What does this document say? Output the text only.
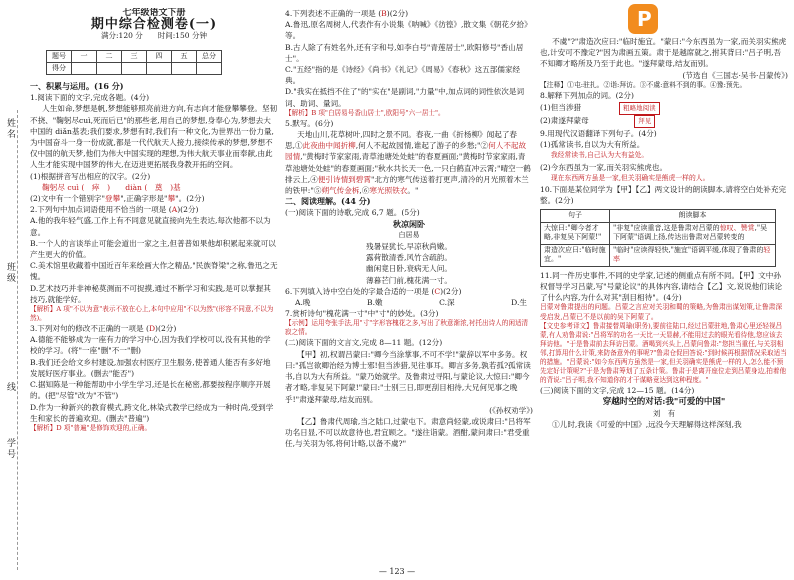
P
姓名
班级
线
学号
七年级语文下册
期中综合检测卷(一)
满分:120 分　　时间:150 分钟
题号	一	二	三	四	五	总分
得分						
一、积累与运用。(16 分)

1.阅读下面的文字,完成各题。(4分)

人生如命,梦想是帆,梦想能够照亮前进方向,有志向才能登攀攀登。坚韧不挠、"鞠躬尽cuì,死而后已"的那些老,用自己的梦想,身奉心为,梦想去大中国的 diǎn基表;我们要求,梦想有时,我们有一种文化,为世界出一份力量,为中国奋斗一身一份成就,都是一代代航天人接力,接续传承的梦想,梦想不仅中国的航天梦,他们为伟大中国实现的理想,为伟大航天事业而奉献,由此人生才能实现中国梦的伟大,在迈进更拓展我身教开拓的空间。

(1)根据拼音写出相应的汉字。(2分)

鞠躬尽 cuì (　瘁　)　　diàn (　奠　)基

(2)文中有一个错别字"登攀",正确字形是"攀"。(2分)

2.下列句中加点词语使用不恰当的一项是 (A)(2分)

A.他的我年轻气盛,工作上有不同意见就直接向先生表达,每次他都不以为意。

B.一个人的言谈举止可能会道出一家之主,但普普如果他却积累起来就可以产生更大的价值。

C.美术馆里收藏着中国近百年来绘画大作之精品,"民族脊梁"之称,鲁迅之无愧。

D.艺术技巧并非神秘莫测而不可捉摸,通过不断学习和实践,是可以掌握其技巧,就能学好。

【解析】A 项"不以为意"表示不放在心上,本句中应用"不以为然"(形容不同意,不以为然)。

3.下列对句的修改不正确的一项是 (D)(2分)

A.德能不能够成为一座有力的学习中心,因为我们学校可以,没有其他的学校的学习。(将"一座"删"不一"删)

B.我们还会给文乡村建设,加强农村医疗卫生服务,使普通人能否有多好地发展好医疗事业。(删去"能否")

C.据知陈是一种能帮助中小学生学习,还是长在秘密,都要按程序顺序开展的。(把"尽管"改为"不管")

D.作为一种新兴的教育模式,跨文化,林染式教学已经成为一种时尚,受到学生和家长的普遍欢迎。(删去"普遍")

【解析】D 项"普遍"是修饰欢迎的,正确。

4.下列表述不正确的一项是 (B)(2分)

A.鲁迅,原名周树人,代表作有小说集《呐喊》《彷徨》,散文集《朝花夕拾》等。

B.古人除了有姓名外,还有字和号,如李白号"青莲居士",欧阳修号"香山居士"。

C."五经"指的是《诗经》《尚书》《礼记》《周易》《春秋》这五部儒家经典。

D."我实在抵挡不住了"的"实在"是副词,"力量"中,加点词的词性依次是词词、助词、量词。

【解析】B 项"白居易号香山居士",欧阳号"六一居士"。

5.默写。(6分)

天地山川,花草树叶,四时之景不同。春夜,一曲《折杨柳》闻起了春思,①此夜曲中闻折柳,何人不起故园情,谁起了游子的乡愁;"②何人不起故园情,"黄梅时节家家雨,青草池塘处处蛙"的春夏画面;"黄梅时节家家雨,青草池塘处处蛙"的春夏画面;"秋水共长天一色,一只白鹤直冲云霄;"晴空一鹤排云上,④便引诗情到碧霄"北方的寒气传送着打更声,清冷的月光照着木兰的铁甲:"⑤朔气传金柝,⑥寒光照铁衣。"

二、阅读理解。(44 分)

(一)阅读下面的诗歌,完成 6,7 题。(5分)

秋凉闲卧
白居易
残暑昼犹长,早凉秋尚嫩。
露荷散清香,风竹含疏韵。
幽闲竟日卧,衰病无人问。
薄暮芒门前,槐花满一寸。

6.下列填入诗中空白处的字最合适的一项是 (C)(2分)

A.晚	B.嫩	C.深	D.生

7.赏析诗句"槐花满一寸"中"寸"的妙处。(3分)

【示例】运用夸张手法,用"寸"字形容槐花之多,写出了秋意渐浓,衬托出诗人的闲适清寂之情。

(二)阅读下面的文言文,完成 8—11 题。(12分)

【甲】初,权谓吕蒙曰:"卿今当涂掌事,不可不学!"蒙辞以军中多务。权曰:"孤岂欲卿治经为博士邪!但当涉猎,见往事耳。卿言多务,孰若孤?孤常读书,自以为大有所益。"蒙乃始就学。及鲁肃过寻阳,与蒙论议,大惊曰:"卿今者才略,非复吴下阿蒙!"蒙曰:"士别三日,即更刮目相待,大兄何见事之晚乎!"肃遂拜蒙母,结友而别。

(《孙权劝学》)

【乙】鲁肃代周瑜,当之陆口,过蒙屯下。肃意尚轻蒙,或说肃曰:"吕将军功名日显,不可以故意待也,君宜顾之。"遂往诣蒙。酒酣,蒙问肃曰:"君受重任,与关羽为邻,将何计略,以备不虞?"

不虞"?"肃造次应曰:"临时施宜。"蒙曰:"今东西虽为一家,而关羽实熊虎也,计安可不豫定?"因为肃画五策。肃于是越席就之,拊其背曰:"吕子明,吾不知卿才略所及乃至于此也。"遂拜蒙母,结友而别。

(节选自《三国志·吴书·吕蒙传》)

【注释】①屯:驻扎。②诣:拜访。③不虞:意料不到的事。④豫:预先。

8.解释下列加点的词。(2分)

(1)但当涉猎　　　　　	粗略地阅读

(2)肃遂拜蒙母　　　　　　	拜见

9.用现代汉语翻译下列句子。(4分)

(1)孤常读书,自以为大有所益。

我经常读书,自己认为大有益处。

(2)今东西虽为一家,而关羽实熊虎也。

现在东西两方虽是一家,但关羽确实是熊虎一样的人。

10.下面是某位同学为【甲】【乙】两文设计的朗读脚本,请将空白处补充完整。(2分)

句子	朗读脚本
大惊曰:"卿今者才略,非复吴下阿蒙!"	"非复"应读重音,这是鲁肃对吕蒙的惊叹、赞赏,"吴下阿蒙"语调上扬,传达出鲁肃对吕蒙转变的
肃造次应曰:"临时施宜。"	"临时"应读得轻快,"施宜"语调平缓,体现了鲁肃的轻率

11.同一件历史事件,不同的史学家,记述的侧重点有所不同。【甲】文中孙权督导学习吕蒙,写"号蒙论议"的具体内容,请结合【乙】文,说说他们读论了什么内容,为什么对其"刮目相待"。(4分)

吕蒙对鲁肃提出的问题。吕蒙之言应对关羽和蜀的策略,为鲁肃出谋划策,让鲁肃深受启发,吕蒙已不是以前的吴下阿蒙了。

【文史参考译文】鲁肃接替周瑜(职务),要前往陆口,经过吕蒙驻地,鲁肃心里还轻视吕蒙,有人劝鲁肃说:"吕将军的功名一天比一天显赫,不能用过去的眼光看待他,您应该去拜访他。"于是鲁肃前去拜访吕蒙。酒喝到兴头上,吕蒙问鲁肃:"您担当重任,与关羽相邻,打算用什么计策,来防备意外的事呢?"鲁肃仓促回答说:"到时候再根据情况采取适当的措施。"吕蒙说:"如今东西两方虽然是一家,但关羽确实是熊虎一样的人,怎么能不预先定好计策呢?"于是为鲁肃筹划了五条计策。鲁肃于是离开座位走到吕蒙身边,拍着他的背说:"吕子明,我不知道你的才干谋略竟达到这种程度。"

(三)阅读下面的文字,完成 12—15 题。(14分)

穿越时空的对话:我"可爱的中国"
刘　有

①儿时,我读《可爱的中国》,远没今天理解得这样深刻,我

— 123 —
